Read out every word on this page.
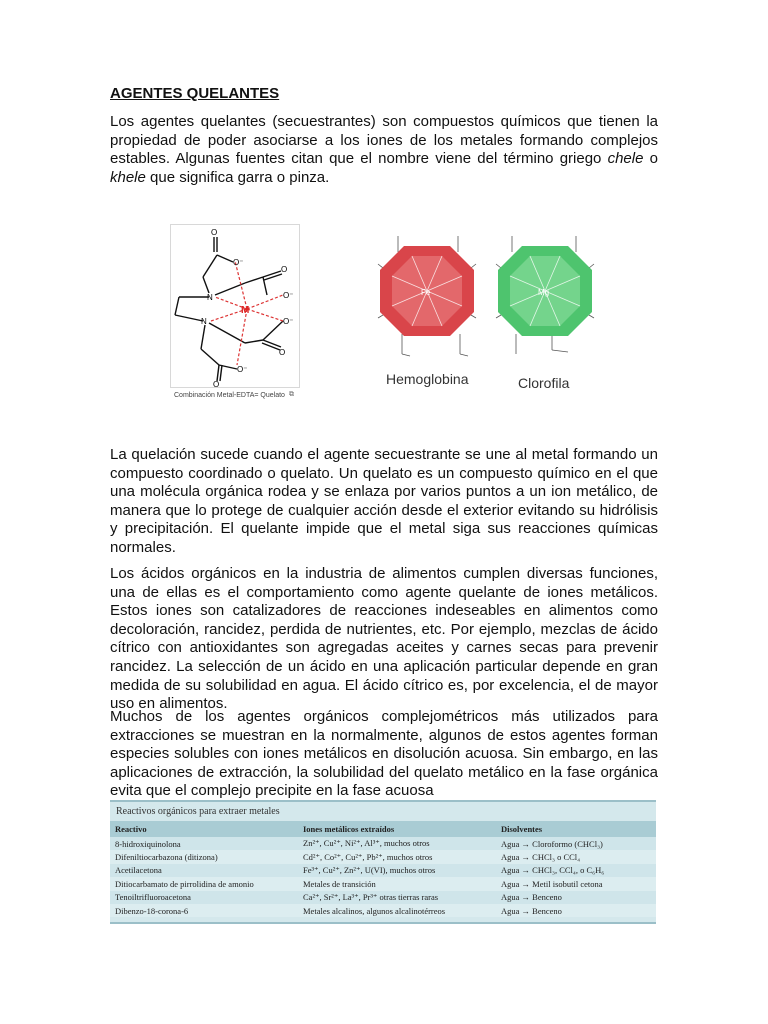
AGENTES QUELANTES

Los agentes quelantes (secuestrantes) son compuestos químicos que tienen la propiedad de poder asociarse a los iones de los metales formando complejos estables. Algunas fuentes citan que el nombre viene del término griego chele o khele que significa garra o pinza.

M
O
O⁻
N
N
O
O⁻
O⁻
O
O⁻
O
Combinación Metal-EDTA= Quelato ⧉
Fe
Hemoglobina
Mg
Clorofila

La quelación sucede cuando el agente secuestrante se une al metal formando un compuesto coordinado o quelato. Un quelato es un compuesto químico en el que una molécula orgánica rodea y se enlaza por varios puntos a un ion metálico, de manera que lo protege de cualquier acción desde el exterior evitando su hidrólisis y precipitación. El quelante impide que el metal siga sus reacciones químicas normales.

Los ácidos orgánicos en la industria de alimentos cumplen diversas funciones, una de ellas es el comportamiento como agente quelante de iones metálicos. Estos iones son catalizadores de reacciones indeseables en alimentos como decoloración, rancidez, perdida de nutrientes, etc. Por ejemplo, mezclas de ácido cítrico con antioxidantes son agregadas aceites y carnes secas para prevenir rancidez. La selección de un ácido en una aplicación particular depende en gran medida de su solubilidad en agua. El ácido cítrico es, por excelencia, el de mayor uso en alimentos.

Muchos de los agentes orgánicos complejométricos más utilizados para extracciones se muestran en la normalmente, algunos de estos agentes forman especies solubles con iones metálicos en disolución acuosa. Sin embargo, en las aplicaciones de extracción, la solubilidad del quelato metálico en la fase orgánica evita que el complejo precipite en la fase acuosa

Reactivos orgánicos para extraer metales
Reactivo	Iones metálicos extraídos	Disolventes
8-hidroxiquinolona	Zn²⁺, Cu²⁺, Ni²⁺, Al³⁺, muchos otros	Agua → Cloroformo (CHCl₃)
Difeniltiocarbazona (ditizona)	Cd²⁺, Co²⁺, Cu²⁺, Pb²⁺, muchos otros	Agua → CHCl₃ o CCl₄
Acetilacetona	Fe³⁺, Cu²⁺, Zn²⁺, U(VI), muchos otros	Agua → CHCl₃, CCl₄, o C₆H₆
Ditiocarbamato de pirrolidina de amonio	Metales de transición	Agua → Metil isobutil cetona
Tenoiltrifluoroacetona	Ca²⁺, Sr²⁺, La³⁺, Pr³⁺ otras tierras raras	Agua → Benceno
Dibenzo-18-corona-6	Metales alcalinos, algunos alcalinotérreos	Agua → Benceno
